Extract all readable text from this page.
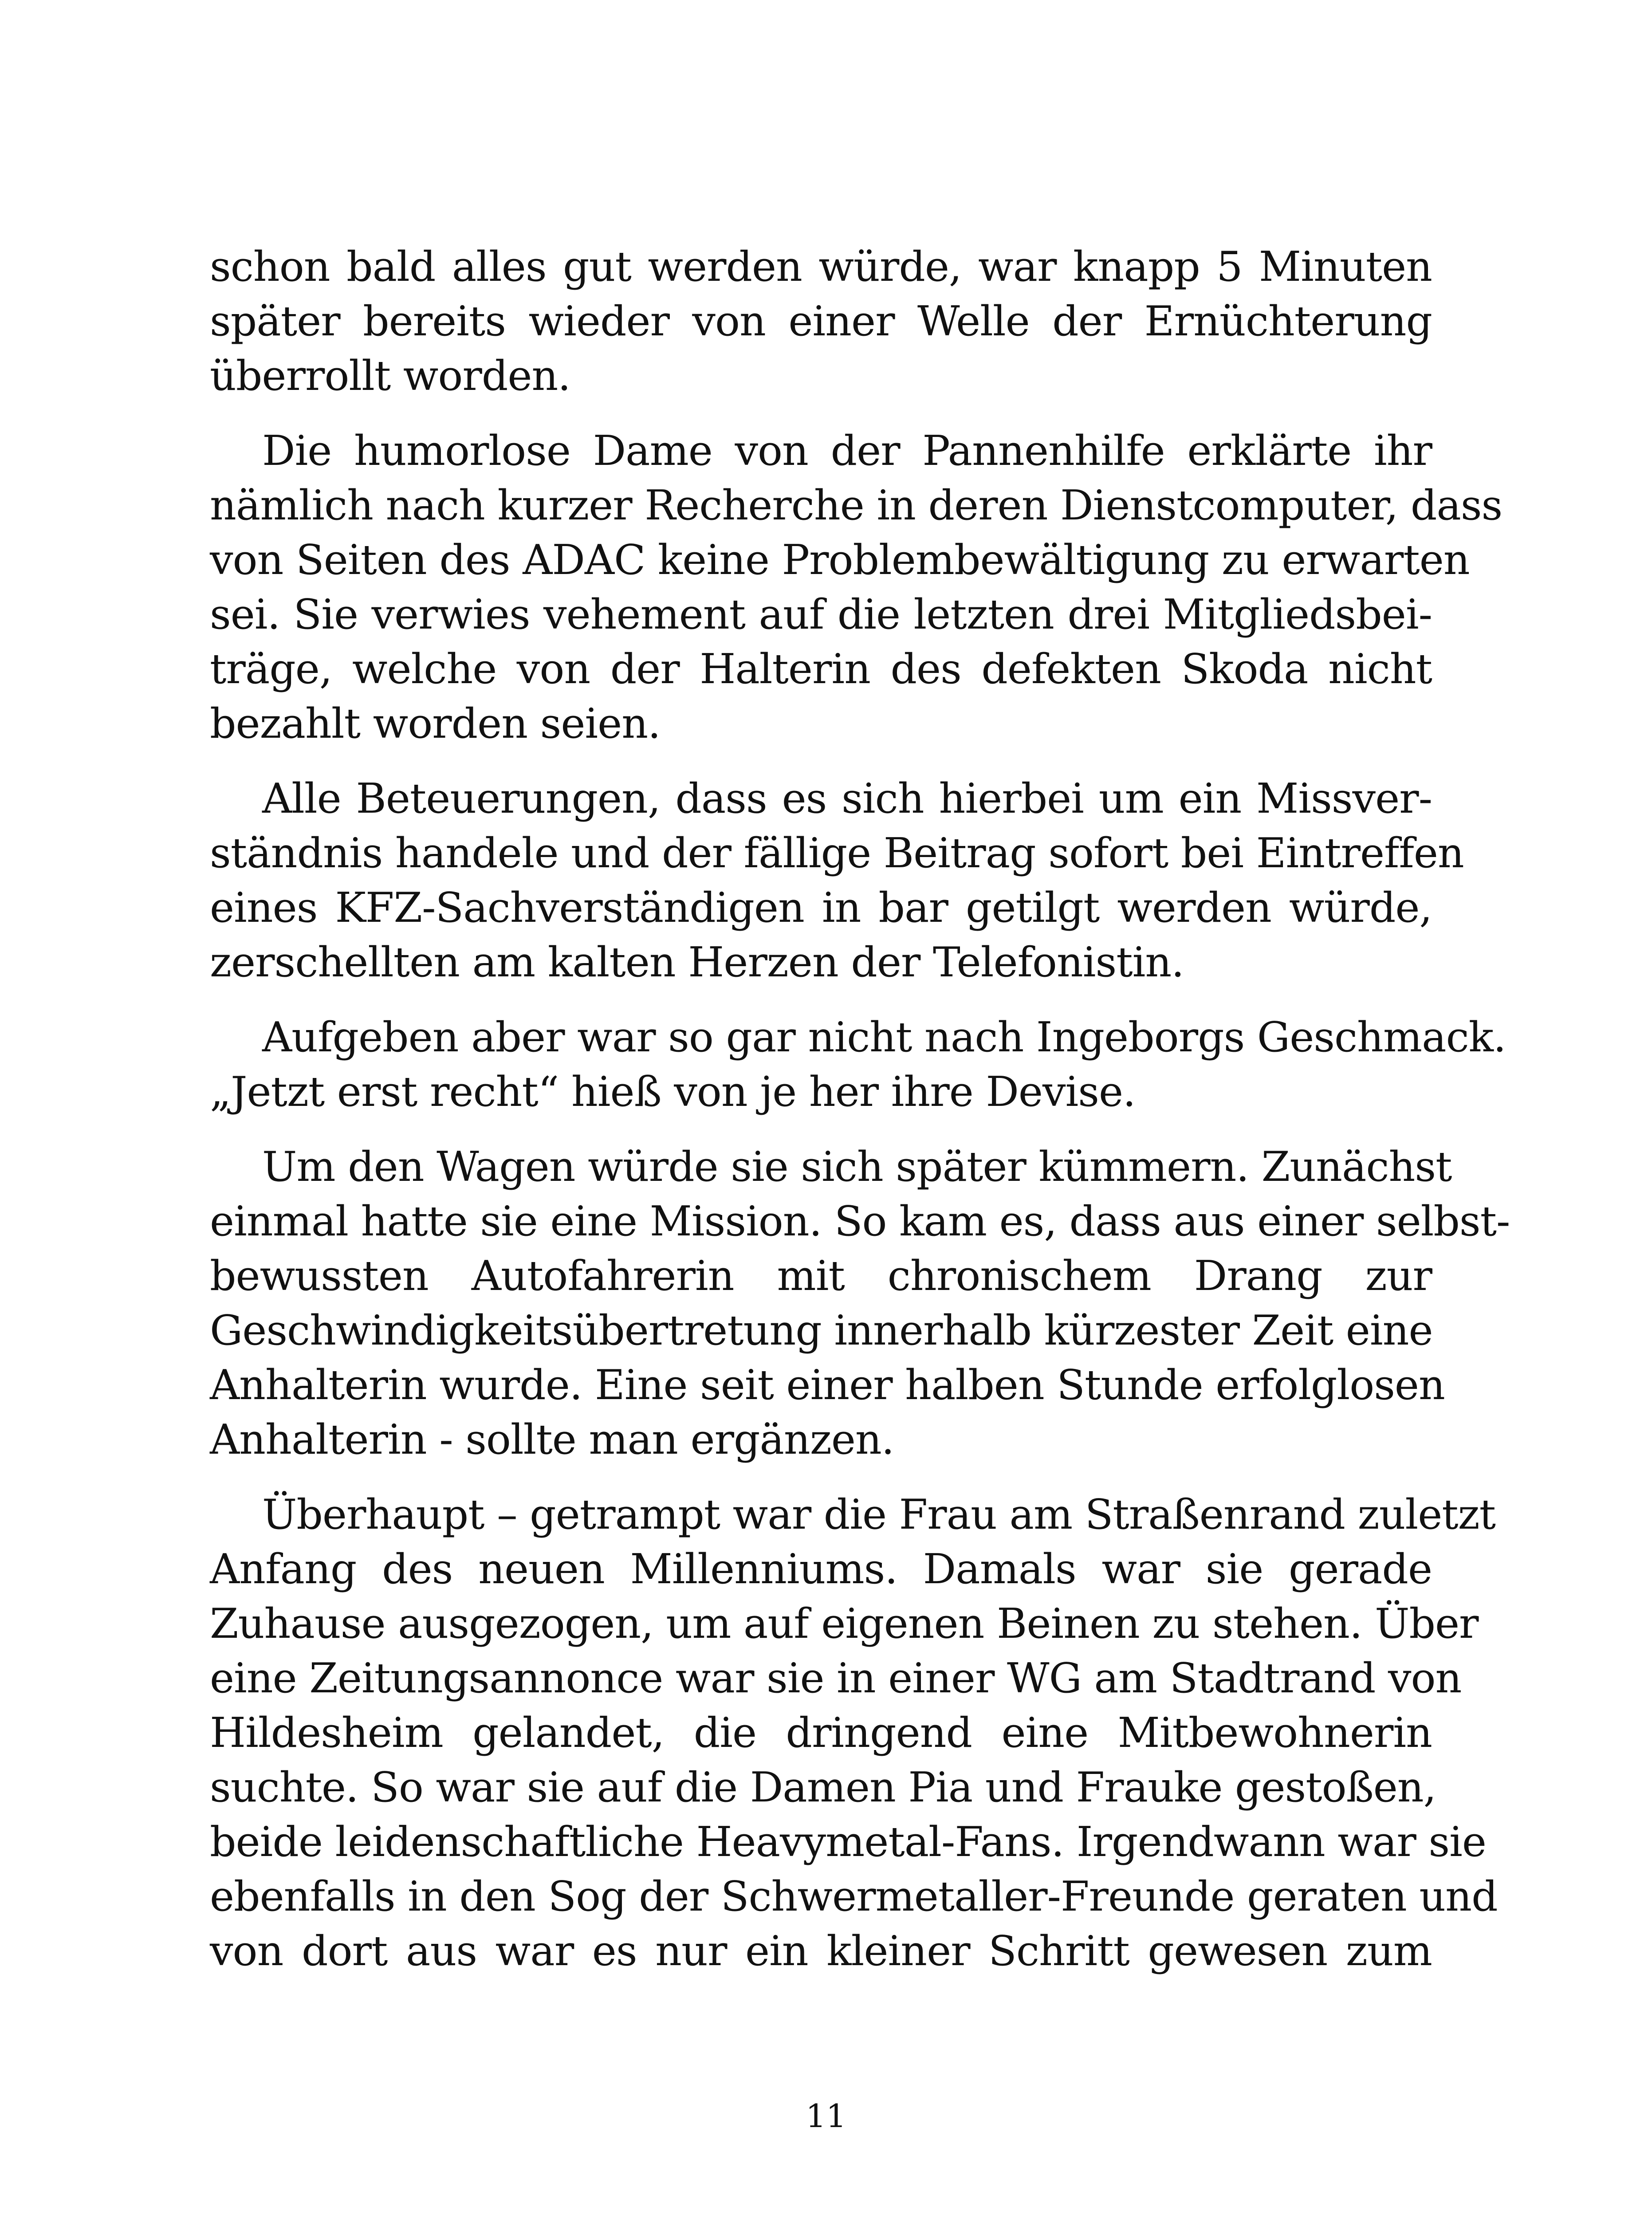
schon bald alles gut werden würde, war knapp 5 Minuten
später bereits wieder von einer Welle der Ernüchterung
überrollt worden.
Die humorlose Dame von der Pannenhilfe erklärte ihr
nämlich nach kurzer Recherche in deren Dienstcomputer, dass
von Seiten des ADAC keine Problembewältigung zu erwarten
sei. Sie verwies vehement auf die letzten drei Mitgliedsbei-
träge, welche von der Halterin des defekten Skoda nicht
bezahlt worden seien.
Alle Beteuerungen, dass es sich hierbei um ein Missver-
ständnis handele und der fällige Beitrag sofort bei Eintreffen
eines KFZ-Sachverständigen in bar getilgt werden würde,
zerschellten am kalten Herzen der Telefonistin.
Aufgeben aber war so gar nicht nach Ingeborgs Geschmack.
„Jetzt erst recht“ hieß von je her ihre Devise.
Um den Wagen würde sie sich später kümmern. Zunächst
einmal hatte sie eine Mission. So kam es, dass aus einer selbst-
bewussten Autofahrerin mit chronischem Drang zur
Geschwindigkeitsübertretung innerhalb kürzester Zeit eine
Anhalterin wurde. Eine seit einer halben Stunde erfolglosen
Anhalterin - sollte man ergänzen.
Überhaupt – getrampt war die Frau am Straßenrand zuletzt
Anfang des neuen Millenniums. Damals war sie gerade
Zuhause ausgezogen, um auf eigenen Beinen zu stehen. Über
eine Zeitungsannonce war sie in einer WG am Stadtrand von
Hildesheim gelandet, die dringend eine Mitbewohnerin
suchte. So war sie auf die Damen Pia und Frauke gestoßen,
beide leidenschaftliche Heavymetal-Fans. Irgendwann war sie
ebenfalls in den Sog der Schwermetaller-Freunde geraten und
von dort aus war es nur ein kleiner Schritt gewesen zum
11
